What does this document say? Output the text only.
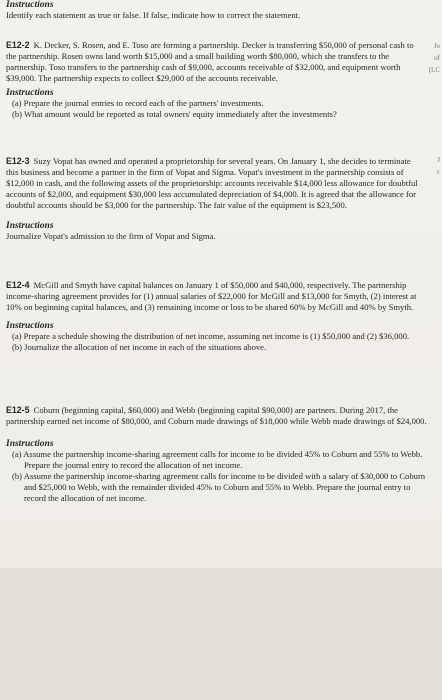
Instructions
Identify each statement as true or false. If false, indicate how to correct the statement.
E12-2 K. Decker, S. Rosen, and E. Toso are forming a partnership. Decker is transferring $50,000 of personal cash to the partnership. Rosen owns land worth $15,000 and a small building worth $80,000, which she transfers to the partnership. Toso transfers to the partnership cash of $9,000, accounts receivable of $32,000, and equipment worth $39,000. The partnership expects to collect $29,000 of the accounts receivable.
Instructions
(a) Prepare the journal entries to record each of the partners' investments.
(b) What amount would be reported as total owners' equity immediately after the investments?
E12-3 Suzy Vopat has owned and operated a proprietorship for several years. On January 1, she decides to terminate this business and become a partner in the firm of Vopat and Sigma. Vopat's investment in the partnership consists of $12,000 in cash, and the following assets of the proprietorship: accounts receivable $14,000 less allowance for doubtful accounts of $2,000, and equipment $30,000 less accumulated depreciation of $4,000. It is agreed that the allowance for doubtful accounts should be $3,000 for the partnership. The fair value of the equipment is $23,500.
Instructions
Journalize Vopat's admission to the firm of Vopat and Sigma.
E12-4 McGill and Smyth have capital balances on January 1 of $50,000 and $40,000, respectively. The partnership income-sharing agreement provides for (1) annual salaries of $22,000 for McGill and $13,000 for Smyth, (2) interest at 10% on beginning capital balances, and (3) remaining income or loss to be shared 60% by McGill and 40% by Smyth.
Instructions
(a) Prepare a schedule showing the distribution of net income, assuming net income is (1) $50,000 and (2) $36,000.
(b) Journalize the allocation of net income in each of the situations above.
E12-5 Coburn (beginning capital, $60,000) and Webb (beginning capital $90,000) are partners. During 2017, the partnership earned net income of $80,000, and Coburn made drawings of $18,000 while Webb made drawings of $24,000.
Instructions
(a) Assume the partnership income-sharing agreement calls for income to be divided 45% to Coburn and 55% to Webb. Prepare the journal entry to record the allocation of net income.
(b) Assume the partnership income-sharing agreement calls for income to be divided with a salary of $30,000 to Coburn and $25,000 to Webb, with the remainder divided 45% to Coburn and 55% to Webb. Prepare the journal entry to record the allocation of net income.
Jo
of
(LC
J
c
